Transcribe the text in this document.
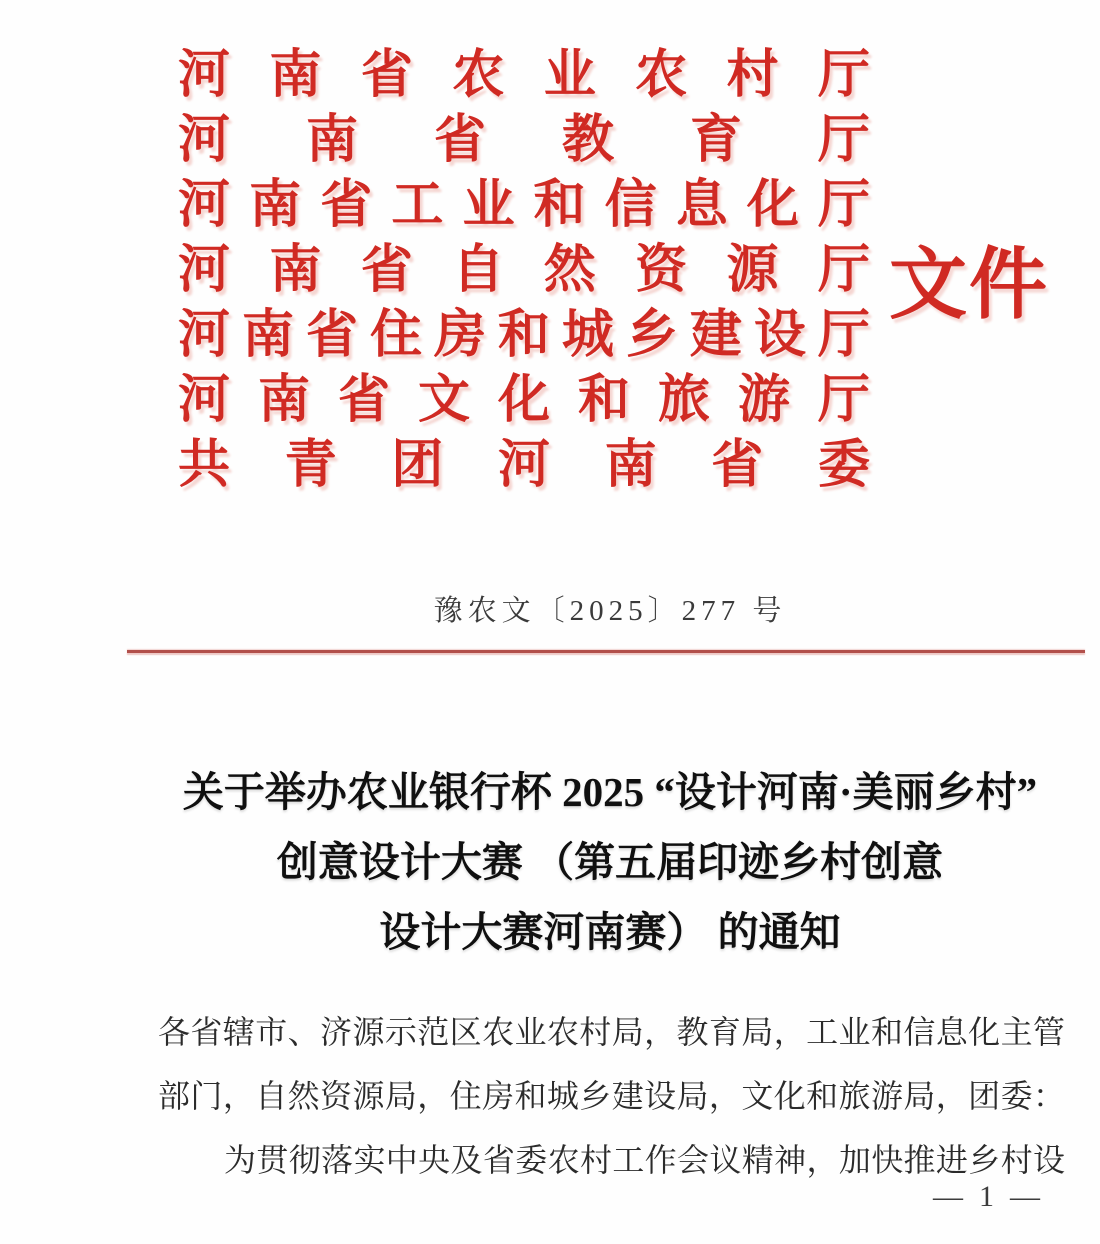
河 南 省 农 业 农 村 厅
河 南 省 教 育 厅
河 南 省 工 业 和 信 息 化 厅
河 南 省 自 然 资 源 厅
河 南 省 住 房 和 城 乡 建 设 厅
河 南 省 文 化 和 旅 游 厅
共 青 团 河 南 省 委
文件
豫农文〔2025〕277 号
关于举办农业银行杯 2025 “设计河南·美丽乡村”
创意设计大赛 （第五届印迹乡村创意
设计大赛河南赛） 的通知
各 省 辖 市 、 济 源 示 范 区 农 业 农 村 局 ， 教 育 局 ， 工 业 和 信 息 化 主 管
部 门 ， 自 然 资 源 局 ， 住 房 和 城 乡 建 设 局 ， 文 化 和 旅 游 局 ， 团 委 ：
为 贯 彻 落 实 中 央 及 省 委 农 村 工 作 会 议 精 神 ， 加 快 推 进 乡 村 设
— 1 —
